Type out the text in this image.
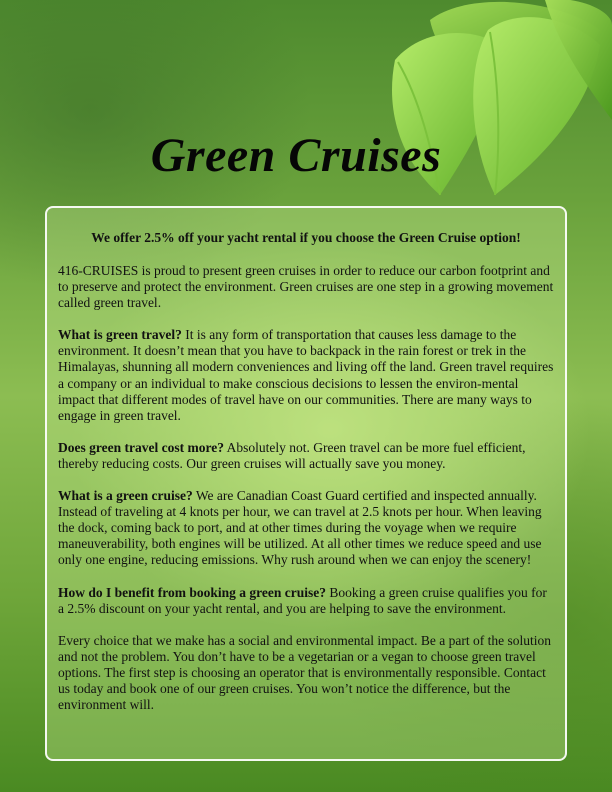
Green Cruises

We offer 2.5% off your yacht rental if you choose the Green Cruise option!

416-CRUISES is proud to present green cruises in order to reduce our carbon footprint and to preserve and protect the environment. Green cruises are one step in a growing movement called green travel.

What is green travel? It is any form of transportation that causes less damage to the environment. It doesn’t mean that you have to backpack in the rain forest or trek in the Himalayas, shunning all modern conveniences and living off the land. Green travel requires a company or an individual to make conscious decisions to lessen the environ-mental impact that different modes of travel have on our communities. There are many ways to engage in green travel.

Does green travel cost more? Absolutely not. Green travel can be more fuel efficient, thereby reducing costs. Our green cruises will actually save you money.

What is a green cruise? We are Canadian Coast Guard certified and inspected annually. Instead of traveling at 4 knots per hour, we can travel at 2.5 knots per hour. When leaving the dock, coming back to port, and at other times during the voyage when we require maneuverability, both engines will be utilized. At all other times we reduce speed and use only one engine, reducing emissions. Why rush around when we can enjoy the scenery!

How do I benefit from booking a green cruise? Booking a green cruise qualifies you for a 2.5% discount on your yacht rental, and you are helping to save the environment.

Every choice that we make has a social and environmental impact. Be a part of the solution and not the problem. You don’t have to be a vegetarian or a vegan to choose green travel options. The first step is choosing an operator that is environmentally responsible. Contact us today and book one of our green cruises. You won’t notice the difference, but the environment will.
